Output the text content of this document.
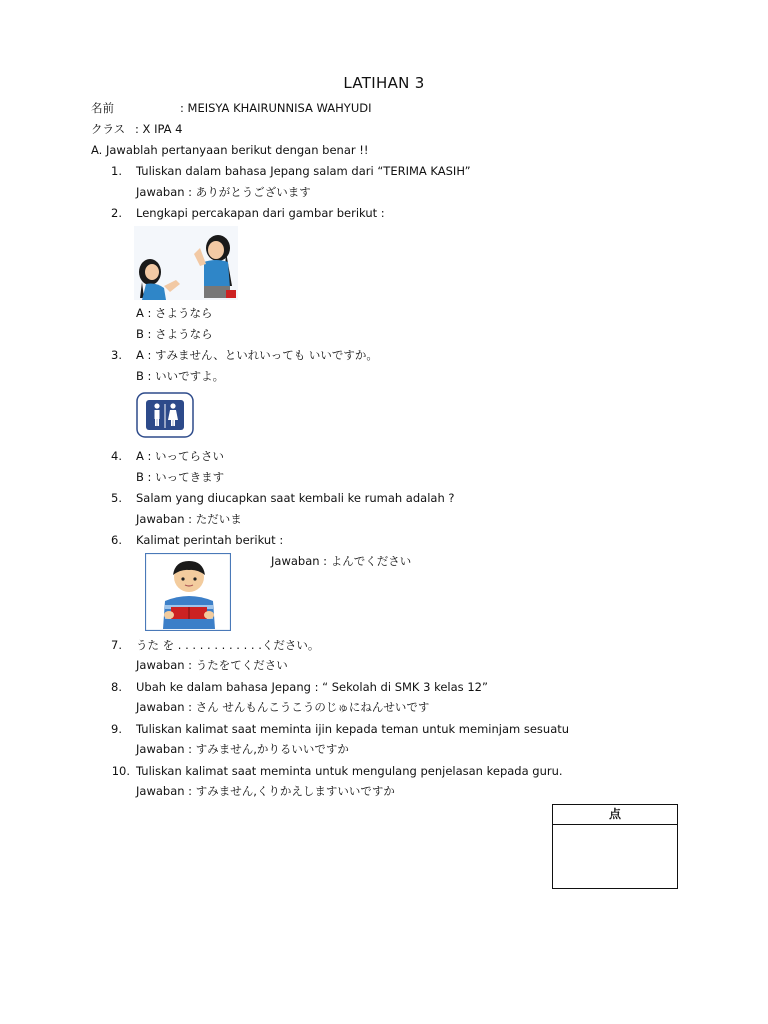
LATIHAN 3
名前	: MEISYA KHAIRUNNISA WAHYUDI
クラス : X IPA 4
A. Jawablah pertanyaan berikut dengan benar !!
1. Tuliskan dalam bahasa Jepang salam dari “TERIMA KASIH”
Jawaban : ありがとうございます
2. Lengkapi percakapan dari gambar berikut :
A : さようなら
B : さようなら
3. A : すみません、といれいっても いいですか。
B : いいですよ。
4. A : いってらさい
B : いってきます
5. Salam yang diucapkan saat kembali ke rumah adalah ?
Jawaban : ただいま
6. Kalimat perintah berikut :
Jawaban : よんでください
7. うた を . . . . . . . . . . . .ください。
Jawaban : うたをてください
8. Ubah ke dalam bahasa Jepang : “ Sekolah di SMK 3 kelas 12”
Jawaban : さん せんもんこうこうのじゅにねんせいです
9. Tuliskan kalimat saat meminta ijin kepada teman untuk meminjam sesuatu
Jawaban : すみません,かりるいいですか
10. Tuliskan kalimat saat meminta untuk mengulang penjelasan kepada guru.
Jawaban : すみません,くりかえしますいいですか
点
